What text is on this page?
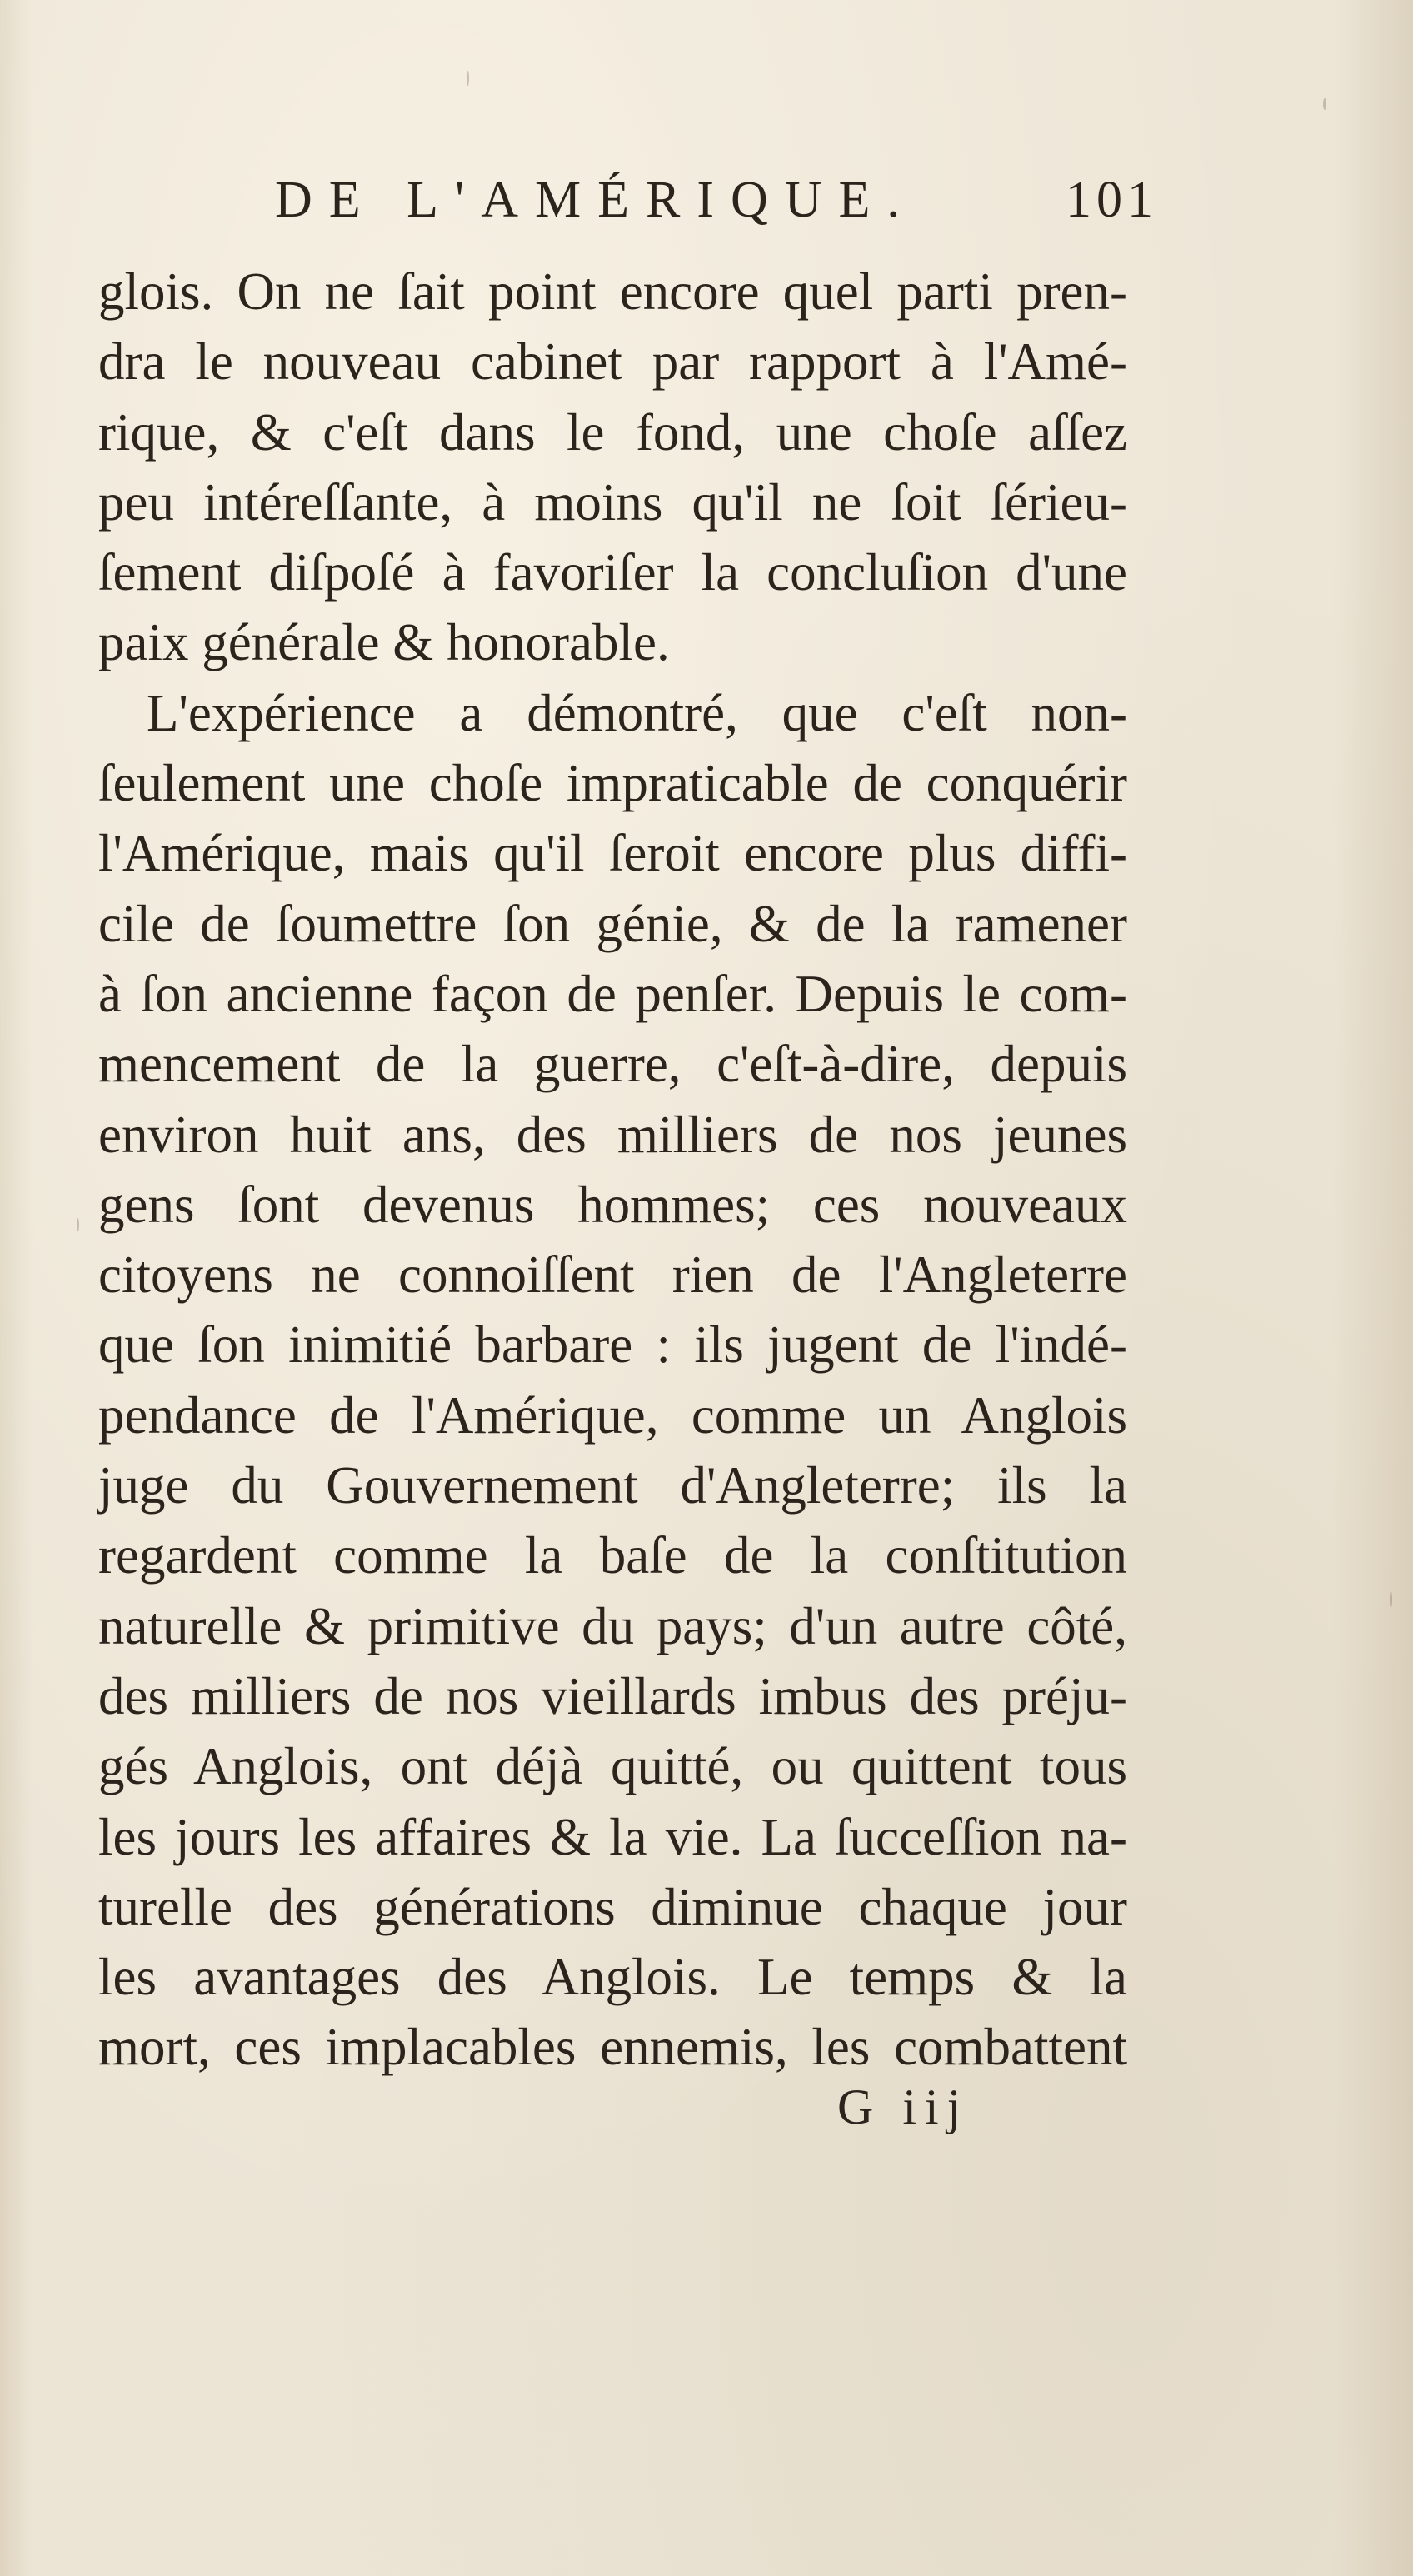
DE L'AMÉRIQUE.	101
glois. On ne ſait point encore quel parti pren-
dra le nouveau cabinet par rapport à l'Amé-
rique, & c'eſt dans le fond, une choſe aſſez
peu intéreſſante, à moins qu'il ne ſoit ſérieu-
ſement diſpoſé à favoriſer la concluſion d'une
paix générale & honorable.
L'expérience a démontré, que c'eſt non-
ſeulement une choſe impraticable de conquérir
l'Amérique, mais qu'il ſeroit encore plus diffi-
cile de ſoumettre ſon génie, & de la ramener
à ſon ancienne façon de penſer. Depuis le com-
mencement de la guerre, c'eſt-à-dire, depuis
environ huit ans, des milliers de nos jeunes
gens ſont devenus hommes; ces nouveaux
citoyens ne connoiſſent rien de l'Angleterre
que ſon inimitié barbare : ils jugent de l'indé-
pendance de l'Amérique, comme un Anglois
juge du Gouvernement d'Angleterre; ils la
regardent comme la baſe de la conſtitution
naturelle & primitive du pays; d'un autre côté,
des milliers de nos vieillards imbus des préju-
gés Anglois, ont déjà quitté, ou quittent tous
les jours les affaires & la vie. La ſucceſſion na-
turelle des générations diminue chaque jour
les avantages des Anglois. Le temps & la
mort, ces implacables ennemis, les combattent
G iij
